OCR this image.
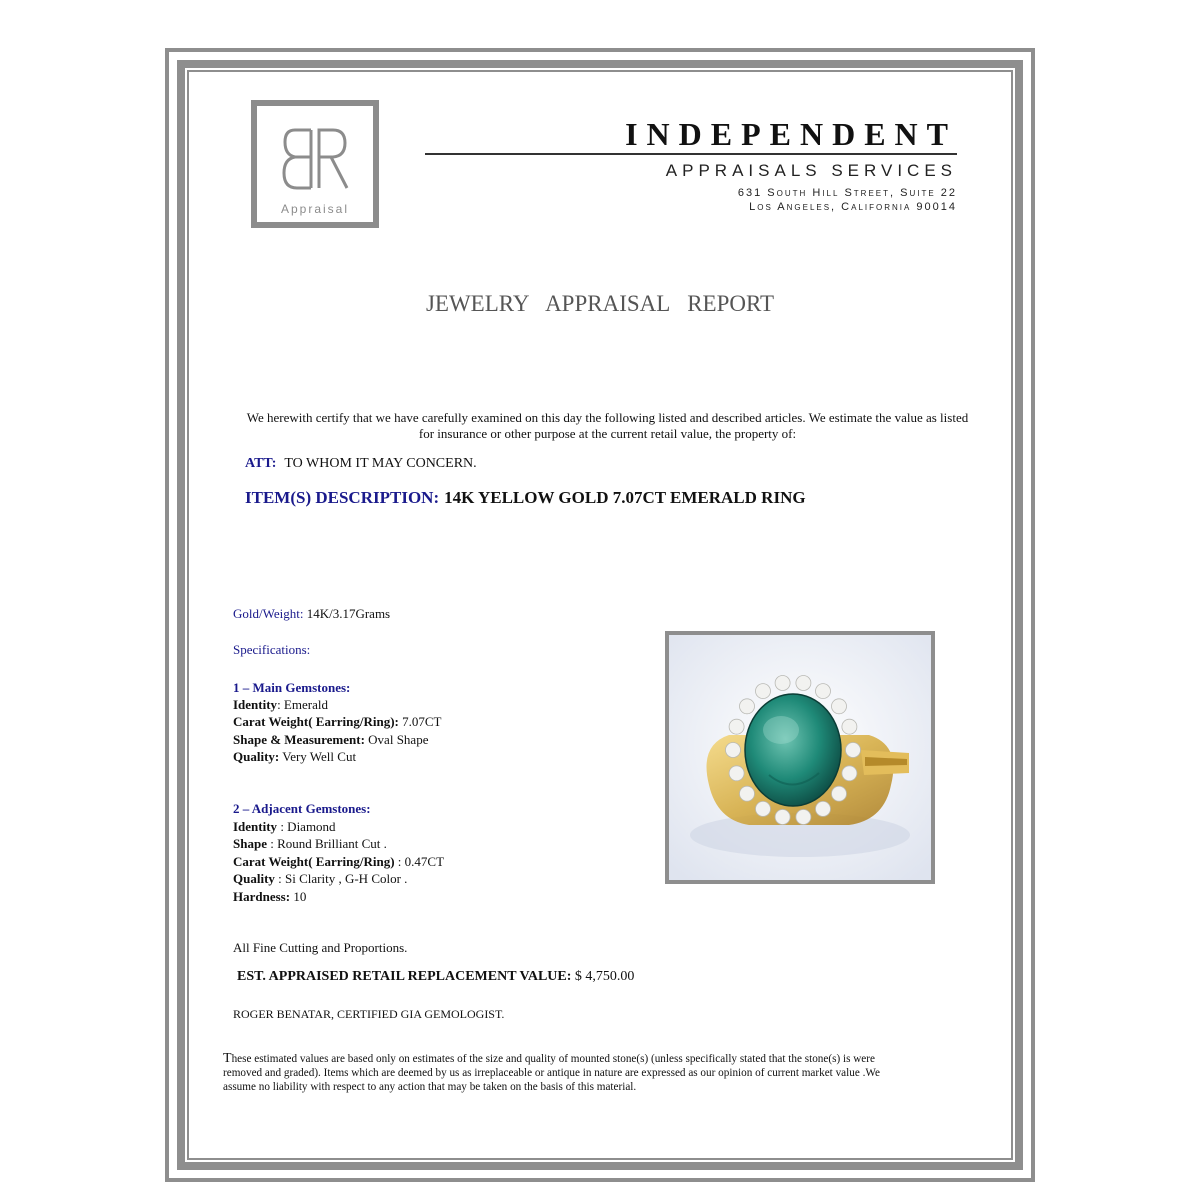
Appraisal
INDEPENDENT
APPRAISALS SERVICES
631 South Hill Street, Suite 22
Los Angeles, California 90014
JEWELRY APPRAISAL REPORT
We herewith certify that we have carefully examined on this day the following listed and described articles. We estimate the value as listed for insurance or other purpose at the current retail value, the property of:
ATT: TO WHOM IT MAY CONCERN.
ITEM(S) DESCRIPTION: 14K YELLOW GOLD 7.07CT EMERALD RING
Gold/Weight: 14K/3.17Grams
Specifications:
1 – Main Gemstones:
Identity: Emerald
Carat Weight( Earring/Ring): 7.07CT
Shape & Measurement: Oval Shape
Quality: Very Well Cut
2 – Adjacent Gemstones:
Identity : Diamond
Shape : Round Brilliant Cut .
Carat Weight( Earring/Ring) : 0.47CT
Quality : Si Clarity , G-H Color .
Hardness: 10
All Fine Cutting and Proportions.
EST. APPRAISED RETAIL REPLACEMENT VALUE: $ 4,750.00
ROGER BENATAR, CERTIFIED GIA GEMOLOGIST.
These estimated values are based only on estimates of the size and quality of mounted stone(s) (unless specifically stated that the stone(s) is were removed and graded). Items which are deemed by us as irreplaceable or antique in nature are expressed as our opinion of current market value .We assume no liability with respect to any action that may be taken on the basis of this material.
